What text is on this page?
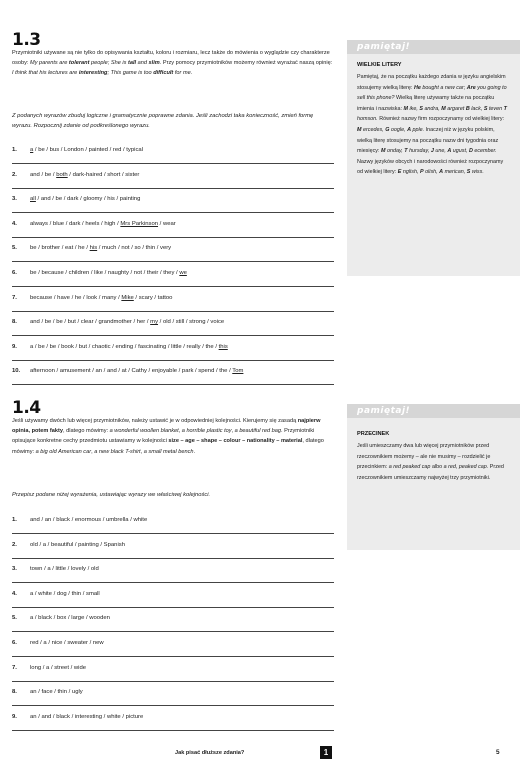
1.3
Przymiotniki używane są nie tylko do opisywania kształtu, koloru i rozmiaru, lecz także do mówienia o wyglądzie czy charakterze osoby: My parents are tolerant people; She is tall and slim. Przy pomocy przymiotników możemy również wyrażać naszą opinię: I think that his lectures are interesting; This game is too difficult for me.
Z podanych wyrazów zbuduj logiczne i gramatycznie poprawne zdania. Jeśli zachodzi taka konieczność, zmień formę wyrazu. Rozpocznij zdanie od podkreślonego wyrazu.
1.	a / be / bus / London / painted / red / typical
2.	and / be / both / dark-haired / short / sister
3.	all / and / be / dark / gloomy / his / painting
4.	always / blue / dark / heels / high / Mrs Parkinson / wear
5.	be / brother / eat / he / his / much / not / so / thin / very
6.	be / because / children / like / naughty / not / their / they / we
7.	because / have / he / look / many / Mike / scary / tattoo
8.	and / be / be / but / clear / grandmother / her / my / old / still / strong / voice
9.	a / be / be / book / but / chaotic / ending / fascinating / little / really / the / this
10.	afternoon / amusement / an / and / at / Cathy / enjoyable / park / spend / the / Tom
1.4
Jeśli używamy dwóch lub więcej przymiotników, należy ustawić je w odpowiedniej kolejności. Kierujemy się zasadą najpierw opinia, potem fakty, dlatego mówimy: a wonderful woollen blanket, a horrible plastic toy, a beautiful red bag. Przymiotniki opisujące konkretne cechy przedmiotu ustawiamy w kolejności size – age – shape – colour – nationality – material, dlatego mówimy: a big old American car, a new black T-shirt, a small metal bench.
Przepisz podane niżej wyrażenia, ustawiając wyrazy we właściwej kolejności.
1.	and / an / black / enormous / umbrella / white
2.	old / a / beautiful / painting / Spanish
3.	town / a / little / lovely / old
4.	a / white / dog / thin / small
5.	a / black / box / large / wooden
6.	red / a / nice / sweater / new
7.	long / a / street / wide
8.	an / face / thin / ugly
9.	an / and / black / interesting / white / picture
pamiętaj!
WIELKIE LITERY
Pamiętaj, że na początku każdego zdania w języku angielskim stosujemy wielką literę: He bought a new car; Are you going to sell this phone? Wielką literę używamy także na początku imienia i nazwiska: M ike, S andra, M argaret B lack, S teven T homson. Również nazwy firm rozpoczynamy od wielkiej litery: M ercedes, G oogle, A pple. Inaczej niż w języku polskim, wielką literę stosujemy na początku nazw dni tygodnia oraz miesięcy: M onday, T hursday, J une, A ugust, D ecember. Nazwy języków obcych i narodowości również rozpoczynamy od wielkiej litery: E nglish, P olish, A merican, S wiss.
pamiętaj!
PRZECINEK
Jeśli umieszczamy dwa lub więcej przymiotników przed rzeczownikiem możemy – ale nie musimy – rozdzielić je przecinkiem: a red peaked cap albo a red, peaked cap. Przed rzeczownikiem umieszczamy najwyżej trzy przymiotniki.
Jak pisać dłuższe zdania?	1	5
